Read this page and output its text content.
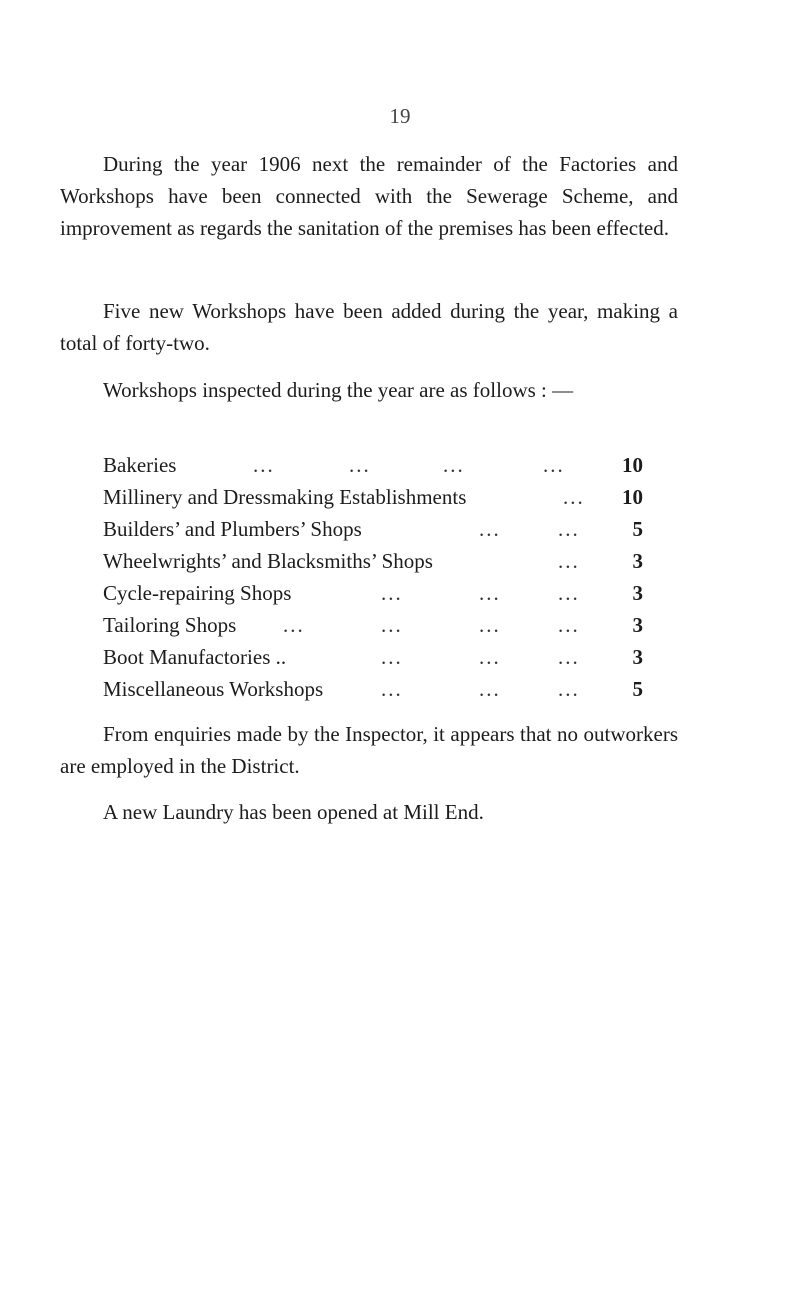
19

During the year 1906 next the remainder of the Factories and Workshops have been connected with the Sewerage Scheme, and improvement as regards the sanitation of the premises has been effected.

Five new Workshops have been added during the year, making a total of forty-two.

Workshops inspected during the year are as follows : —
Bakeries	...	...	...	...	10
Millinery and Dressmaking Establishments	...	10
Builders’ and Plumbers’ Shops	...	...	5
Wheelwrights’ and Blacksmiths’ Shops	...	3
Cycle-repairing Shops	...	...	...	3
Tailoring Shops ...	...	...	...	3
Boot Manufactories ..	...	...	...	3
Miscellaneous Workshops	...	...	...	5

From enquiries made by the Inspector, it appears that no outworkers are employed in the District.

A new Laundry has been opened at Mill End.
